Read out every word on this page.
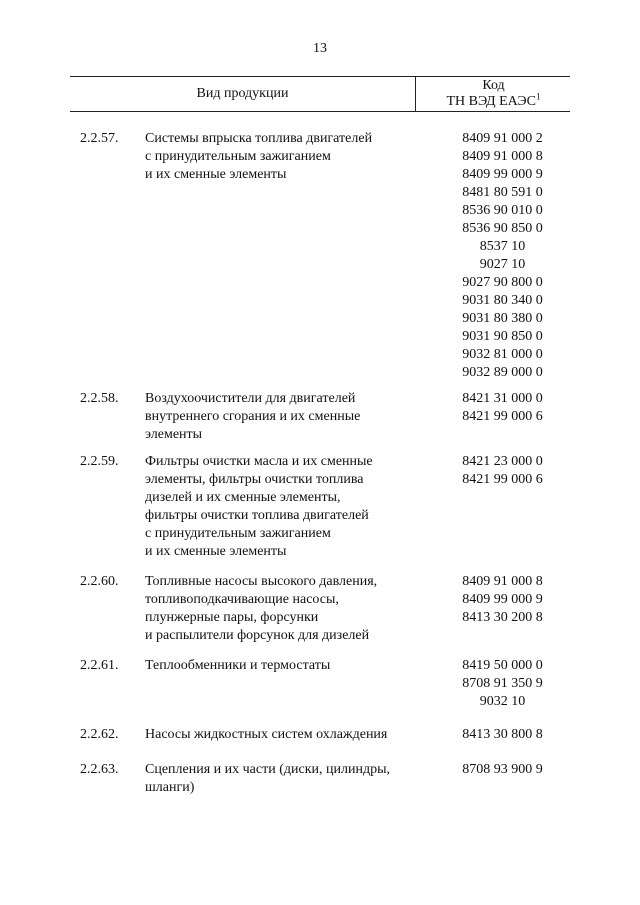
13
Вид продукции
Код
ТН ВЭД ЕАЭС$^1$
2.2.57.	Системы впрыска топлива двигателей
с принудительным зажиганием
и их сменные элементы
8409 91 000 2
8409 91 000 8
8409 99 000 9
8481 80 591 0
8536 90 010 0
8536 90 850 0
8537 10
9027 10
9027 90 800 0
9031 80 340 0
9031 80 380 0
9031 90 850 0
9032 81 000 0
9032 89 000 0
2.2.58.	Воздухоочистители для двигателей
внутреннего сгорания и их сменные
элементы
8421 31 000 0
8421 99 000 6
2.2.59.	Фильтры очистки масла и их сменные
элементы, фильтры очистки топлива
дизелей и их сменные элементы,
фильтры очистки топлива двигателей
с принудительным зажиганием
и их сменные элементы
8421 23 000 0
8421 99 000 6
2.2.60.	Топливные насосы высокого давления,
топливоподкачивающие насосы,
плунжерные пары, форсунки
и распылители форсунок для дизелей
8409 91 000 8
8409 99 000 9
8413 30 200 8
2.2.61.	Теплообменники и термостаты	8419 50 000 0
8708 91 350 9
9032 10
2.2.62.	Насосы жидкостных систем охлаждения	8413 30 800 8
2.2.63.	Сцепления и их части (диски, цилиндры,
шланги)
8708 93 900 9
